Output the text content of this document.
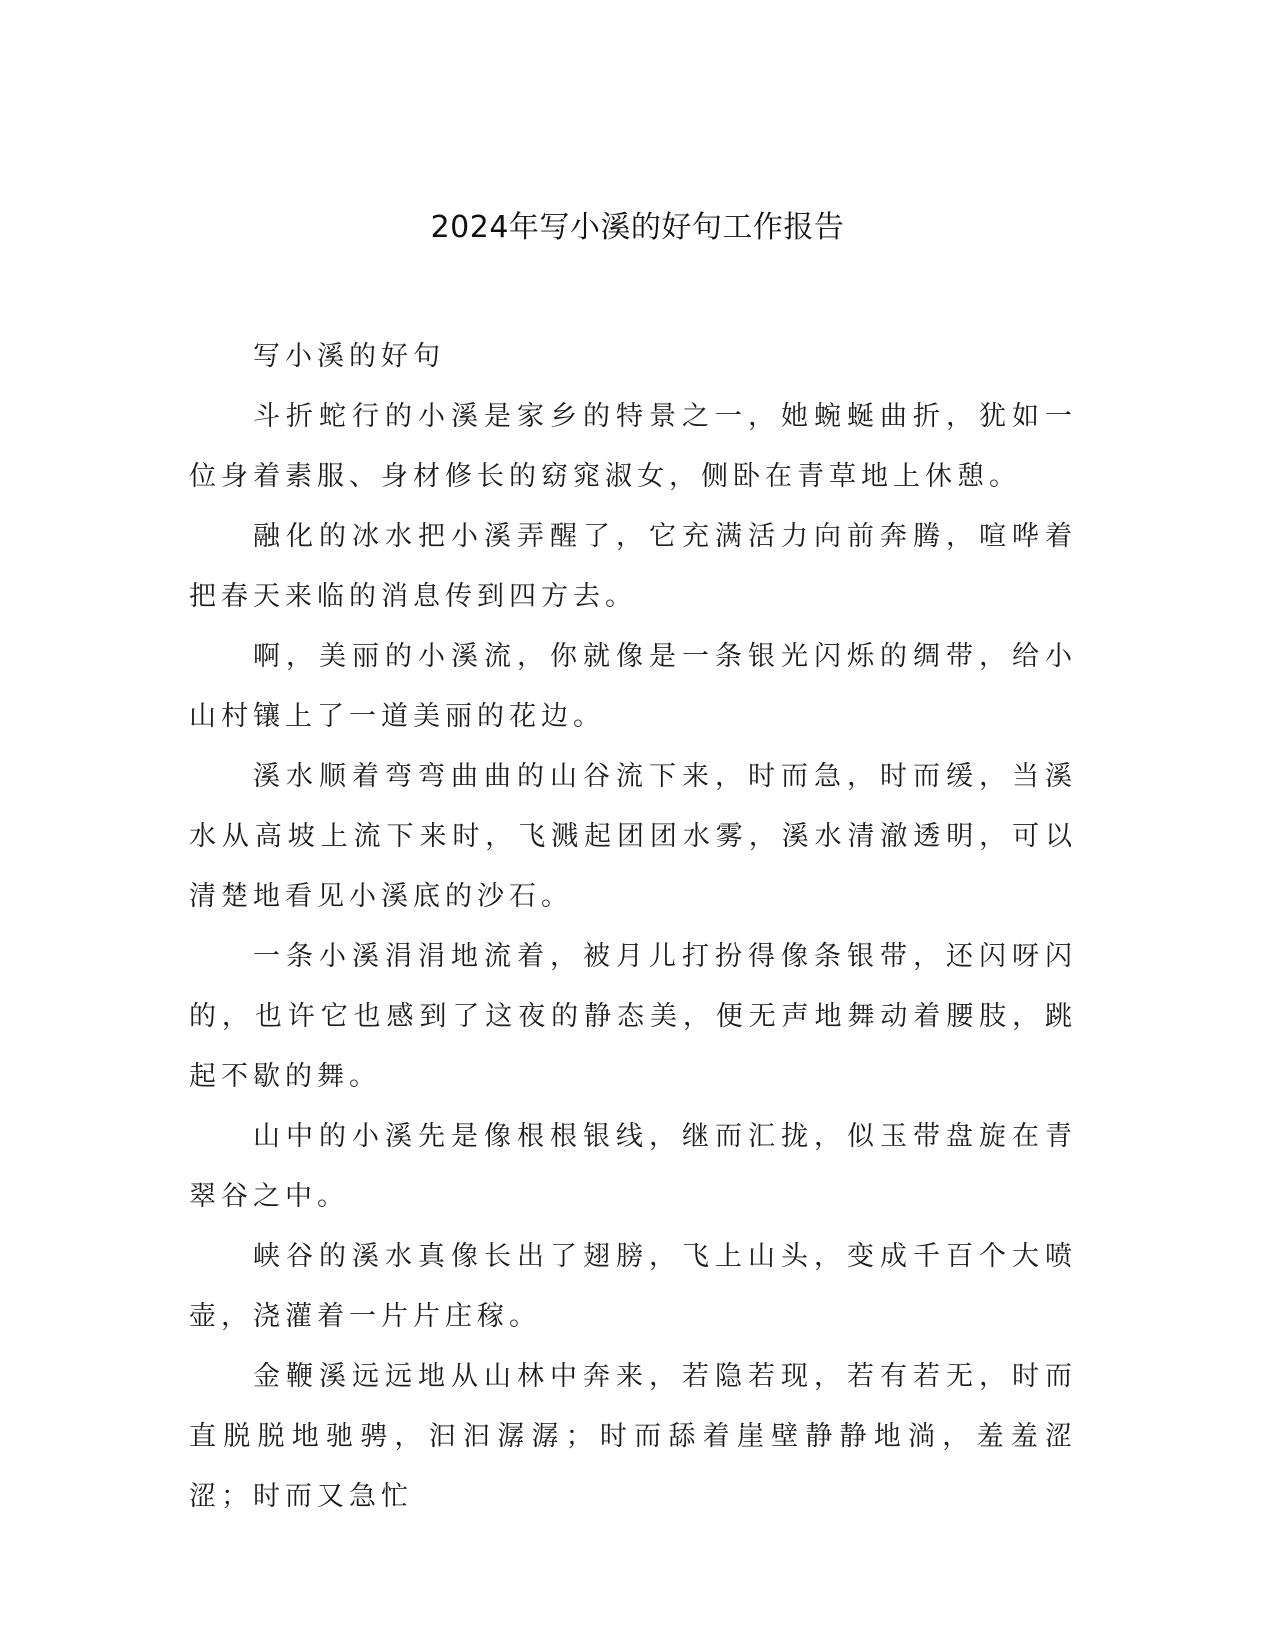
2024年写小溪的好句工作报告

写小溪的好句

斗折蛇行的小溪是家乡的特景之一，她蜿蜒曲折，犹如一位身着素服、身材修长的窈窕淑女，侧卧在青草地上休憩。

融化的冰水把小溪弄醒了，它充满活力向前奔腾，喧哗着把春天来临的消息传到四方去。

啊，美丽的小溪流，你就像是一条银光闪烁的绸带，给小山村镶上了一道美丽的花边。

溪水顺着弯弯曲曲的山谷流下来，时而急，时而缓，当溪水从高坡上流下来时，飞溅起团团水雾，溪水清澈透明，可以清楚地看见小溪底的沙石。

一条小溪涓涓地流着，被月儿打扮得像条银带，还闪呀闪的，也许它也感到了这夜的静态美，便无声地舞动着腰肢，跳起不歇的舞。

山中的小溪先是像根根银线，继而汇拢，似玉带盘旋在青翠谷之中。

峡谷的溪水真像长出了翅膀，飞上山头，变成千百个大喷壶，浇灌着一片片庄稼。

金鞭溪远远地从山林中奔来，若隐若现，若有若无，时而直脱脱地驰骋，汩汩潺潺；时而舔着崖壁静静地淌，羞羞涩涩；时而又急忙
